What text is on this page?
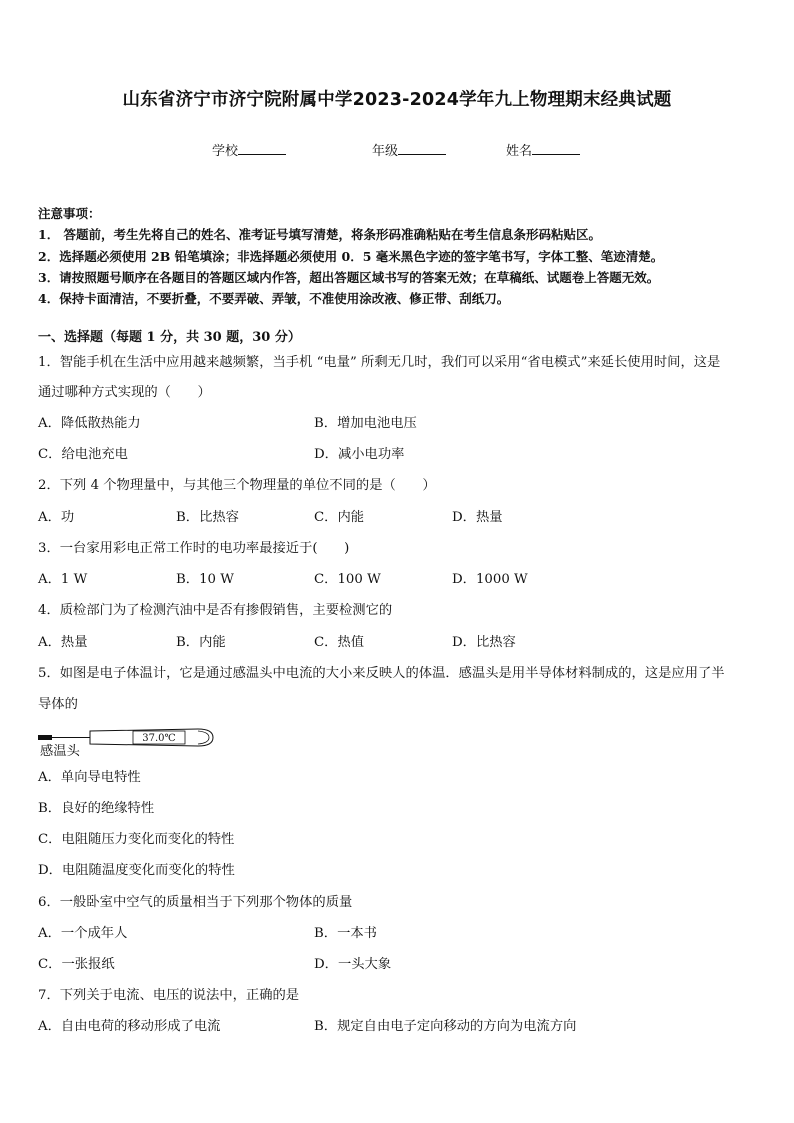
山东省济宁市济宁院附属中学2023-2024学年九上物理期末经典试题
学校	年级	姓名
注意事项：
1． 答题前，考生先将自己的姓名、准考证号填写清楚，将条形码准确粘贴在考生信息条形码粘贴区。
2．选择题必须使用 2B 铅笔填涂；非选择题必须使用 0．5 毫米黑色字迹的签字笔书写，字体工整、笔迹清楚。
3．请按照题号顺序在各题目的答题区域内作答，超出答题区域书写的答案无效；在草稿纸、试题卷上答题无效。
4．保持卡面清洁，不要折叠，不要弄破、弄皱，不准使用涂改液、修正带、刮纸刀。
一、选择题（每题 1 分，共 30 题，30 分）
1．智能手机在生活中应用越来越频繁，当手机 “电量” 所剩无几时，我们可以采用“省电模式”来延长使用时间，这是
通过哪种方式实现的（　　）
A．降低散热能力	B．增加电池电压
C．给电池充电	D．减小电功率
2．下列 4 个物理量中，与其他三个物理量的单位不同的是（　　）
A．功	B．比热容	C．内能	D．热量
3．一台家用彩电正常工作时的电功率最接近于(　　)
A．1 W	B．10 W	C．100 W	D．1000 W
4．质检部门为了检测汽油中是否有掺假销售，主要检测它的
A．热量	B．内能	C．热值	D．比热容
5．如图是电子体温计，它是通过感温头中电流的大小来反映人的体温．感温头是用半导体材料制成的，这是应用了半
导体的
37.0℃
感温头
A．单向导电特性
B．良好的绝缘特性
C．电阻随压力变化而变化的特性
D．电阻随温度变化而变化的特性
6．一般卧室中空气的质量相当于下列那个物体的质量
A．一个成年人	B．一本书
C．一张报纸	D．一头大象
7．下列关于电流、电压的说法中，正确的是
A．自由电荷的移动形成了电流	B．规定自由电子定向移动的方向为电流方向
